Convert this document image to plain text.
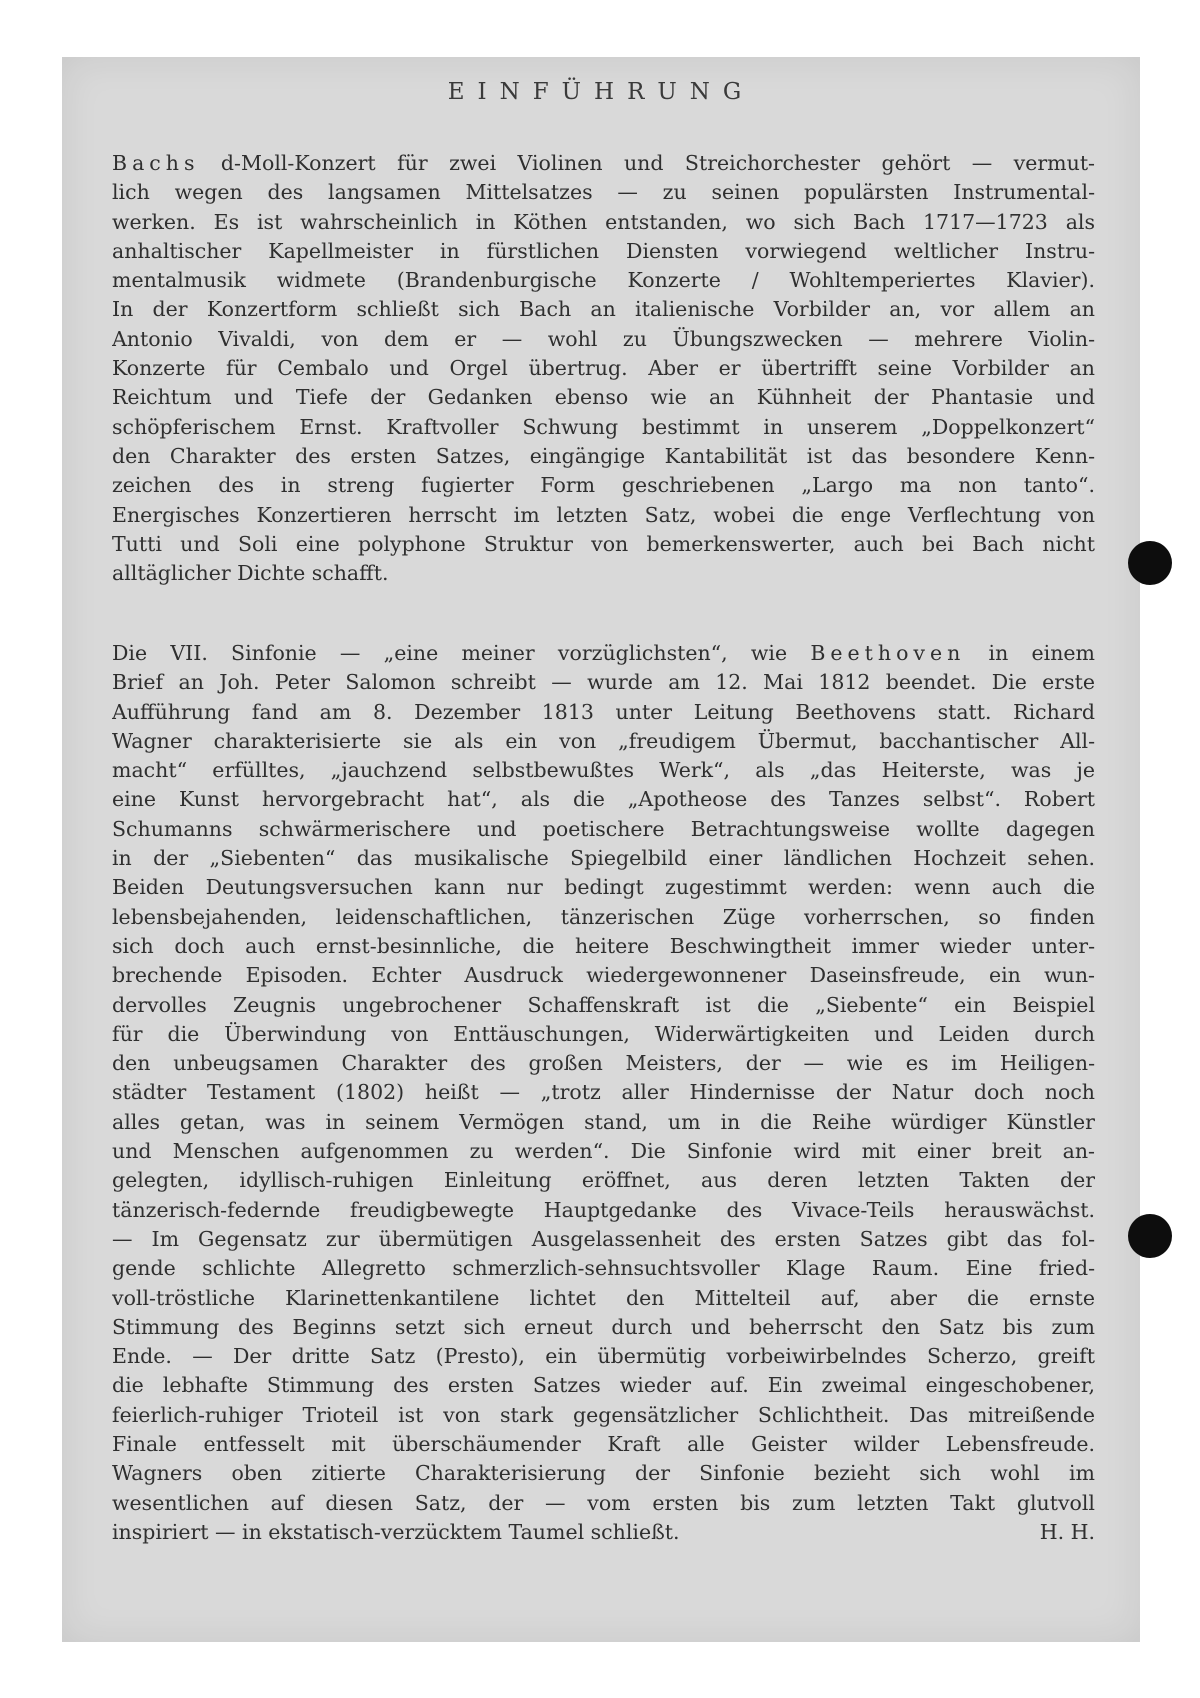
EINFÜHRUNG
Bachs d-Moll-Konzert für zwei Violinen und Streichorchester gehört — vermut-
lich wegen des langsamen Mittelsatzes — zu seinen populärsten Instrumental-
werken. Es ist wahrscheinlich in Köthen entstanden, wo sich Bach 1717—1723 als
anhaltischer Kapellmeister in fürstlichen Diensten vorwiegend weltlicher Instru-
mentalmusik widmete (Brandenburgische Konzerte / Wohltemperiertes Klavier).
In der Konzertform schließt sich Bach an italienische Vorbilder an, vor allem an
Antonio Vivaldi, von dem er — wohl zu Übungszwecken — mehrere Violin-
Konzerte für Cembalo und Orgel übertrug. Aber er übertrifft seine Vorbilder an
Reichtum und Tiefe der Gedanken ebenso wie an Kühnheit der Phantasie und
schöpferischem Ernst. Kraftvoller Schwung bestimmt in unserem „Doppelkonzert“
den Charakter des ersten Satzes, eingängige Kantabilität ist das besondere Kenn-
zeichen des in streng fugierter Form geschriebenen „Largo ma non tanto“.
Energisches Konzertieren herrscht im letzten Satz, wobei die enge Verflechtung von
Tutti und Soli eine polyphone Struktur von bemerkenswerter, auch bei Bach nicht
alltäglicher Dichte schafft.
Die VII. Sinfonie — „eine meiner vorzüglichsten“, wie Beethoven in einem
Brief an Joh. Peter Salomon schreibt — wurde am 12. Mai 1812 beendet. Die erste
Aufführung fand am 8. Dezember 1813 unter Leitung Beethovens statt. Richard
Wagner charakterisierte sie als ein von „freudigem Übermut, bacchantischer All-
macht“ erfülltes, „jauchzend selbstbewußtes Werk“, als „das Heiterste, was je
eine Kunst hervorgebracht hat“, als die „Apotheose des Tanzes selbst“. Robert
Schumanns schwärmerischere und poetischere Betrachtungsweise wollte dagegen
in der „Siebenten“ das musikalische Spiegelbild einer ländlichen Hochzeit sehen.
Beiden Deutungsversuchen kann nur bedingt zugestimmt werden: wenn auch die
lebensbejahenden, leidenschaftlichen, tänzerischen Züge vorherrschen, so finden
sich doch auch ernst-besinnliche, die heitere Beschwingtheit immer wieder unter-
brechende Episoden. Echter Ausdruck wiedergewonnener Daseinsfreude, ein wun-
dervolles Zeugnis ungebrochener Schaffenskraft ist die „Siebente“ ein Beispiel
für die Überwindung von Enttäuschungen, Widerwärtigkeiten und Leiden durch
den unbeugsamen Charakter des großen Meisters, der — wie es im Heiligen-
städter Testament (1802) heißt — „trotz aller Hindernisse der Natur doch noch
alles getan, was in seinem Vermögen stand, um in die Reihe würdiger Künstler
und Menschen aufgenommen zu werden“. Die Sinfonie wird mit einer breit an-
gelegten, idyllisch-ruhigen Einleitung eröffnet, aus deren letzten Takten der
tänzerisch-federnde freudigbewegte Hauptgedanke des Vivace-Teils herauswächst.
— Im Gegensatz zur übermütigen Ausgelassenheit des ersten Satzes gibt das fol-
gende schlichte Allegretto schmerzlich-sehnsuchtsvoller Klage Raum. Eine fried-
voll-tröstliche Klarinettenkantilene lichtet den Mittelteil auf, aber die ernste
Stimmung des Beginns setzt sich erneut durch und beherrscht den Satz bis zum
Ende. — Der dritte Satz (Presto), ein übermütig vorbeiwirbelndes Scherzo, greift
die lebhafte Stimmung des ersten Satzes wieder auf. Ein zweimal eingeschobener,
feierlich-ruhiger Trioteil ist von stark gegensätzlicher Schlichtheit. Das mitreißende
Finale entfesselt mit überschäumender Kraft alle Geister wilder Lebensfreude.
Wagners oben zitierte Charakterisierung der Sinfonie bezieht sich wohl im
wesentlichen auf diesen Satz, der — vom ersten bis zum letzten Takt glutvoll
inspiriert — in ekstatisch-verzücktem Taumel schließt.	H. H.
